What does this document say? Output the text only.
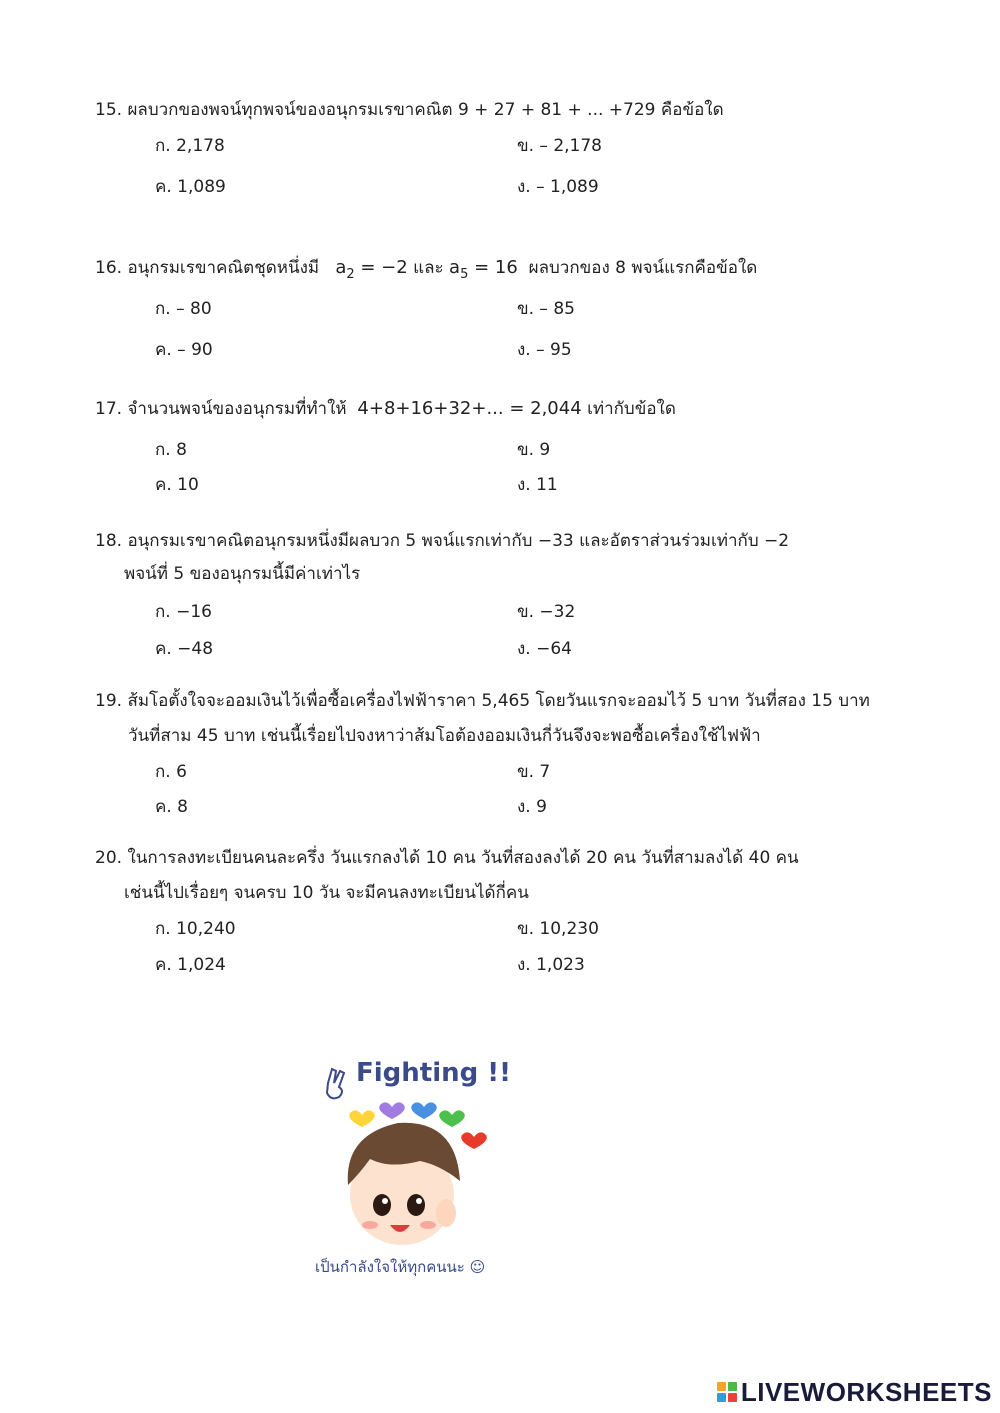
15. ผลบวกของพจน์ทุกพจน์ของอนุกรมเรขาคณิต 9 + 27 + 81 + ... +729 คือข้อใด
ก. 2,178	ข. – 2,178
ค. 1,089	ง. – 1,089
16. อนุกรมเรขาคณิตชุดหนึ่งมี $a_2 = -2$ และ $a_5 = 16$ ผลบวกของ 8 พจน์แรกคือข้อใด
ก. – 80	ข. – 85
ค. – 90	ง. – 95
17. จำนวนพจน์ของอนุกรมที่ทำให้ 4+8+16+32+... = 2,044 เท่ากับข้อใด
ก. 8	ข. 9
ค. 10	ง. 11
18. อนุกรมเรขาคณิตอนุกรมหนึ่งมีผลบวก 5 พจน์แรกเท่ากับ −33 และอัตราส่วนร่วมเท่ากับ −2
พจน์ที่ 5 ของอนุกรมนี้มีค่าเท่าไร
ก. −16	ข. −32
ค. −48	ง. −64
19. ส้มโอตั้งใจจะออมเงินไว้เพื่อซื้อเครื่องไฟฟ้าราคา 5,465 โดยวันแรกจะออมไว้ 5 บาท วันที่สอง 15 บาท
วันที่สาม 45 บาท เช่นนี้เรื่อยไปจงหาว่าส้มโอต้องออมเงินกี่วันจึงจะพอซื้อเครื่องใช้ไฟฟ้า
ก. 6	ข. 7
ค. 8	ง. 9
20. ในการลงทะเบียนคนละครึ่ง วันแรกลงได้ 10 คน วันที่สองลงได้ 20 คน วันที่สามลงได้ 40 คน
เช่นนี้ไปเรื่อยๆ จนครบ 10 วัน จะมีคนลงทะเบียนได้กี่คน
ก. 10,240	ข. 10,230
ค. 1,024	ง. 1,023
Fighting !!
เป็นกำลังใจให้ทุกคนนะ ☺
LIVEWORKSHEETS
